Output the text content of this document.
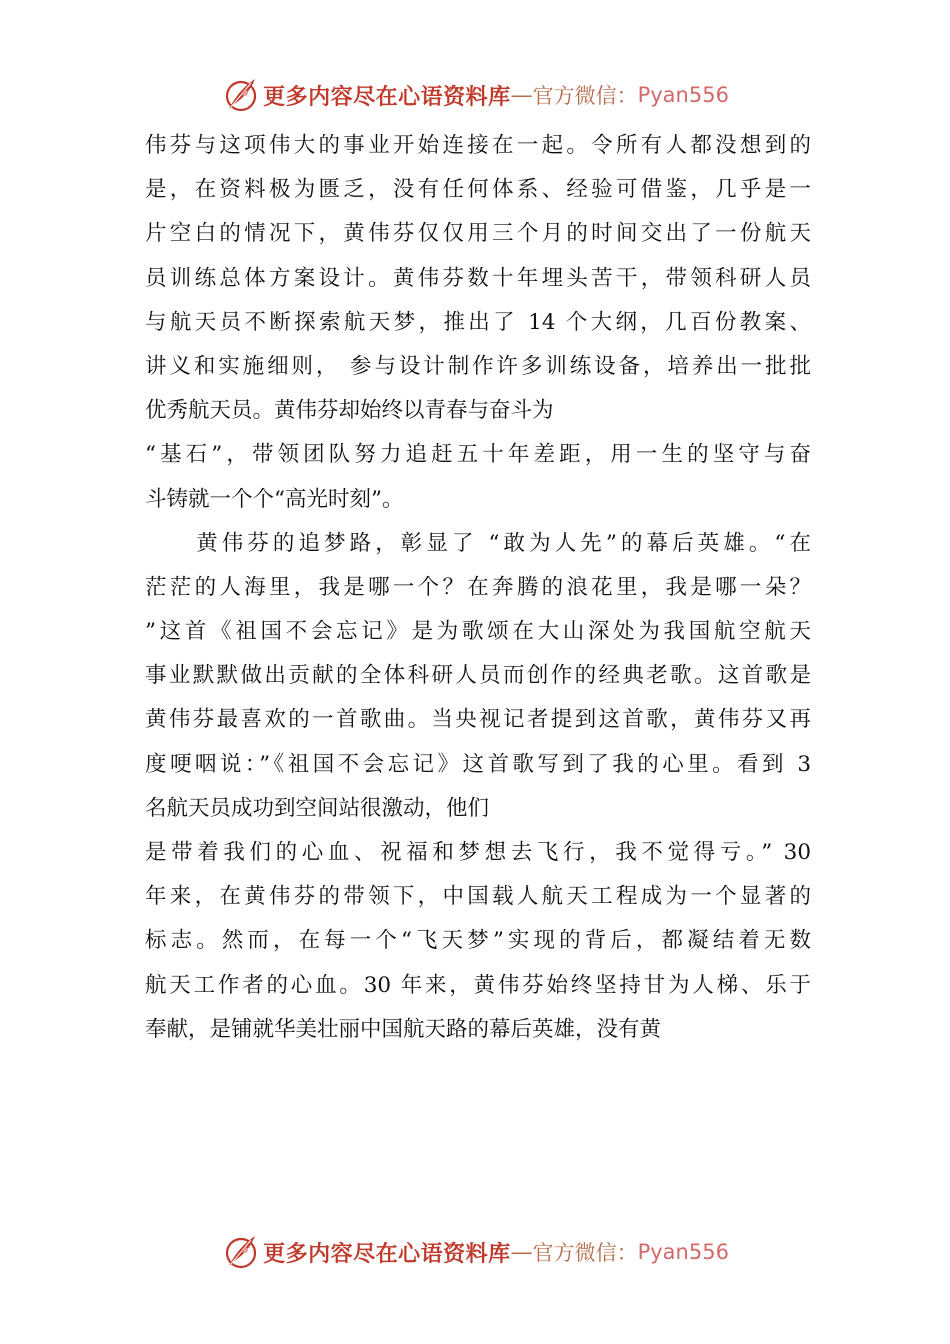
更多内容尽在心语资料库 — 官方微信： Pyan556
伟芬与这项伟大的事业开始连接在一起。令所有人都没想到的
是，在资料极为匮乏，没有任何体系、经验可借鉴，几乎是一
片空白的情况下，黄伟芬仅仅用三个月的时间交出了一份航天
员训练总体方案设计。黄伟芬数十年埋头苦干，带领科研人员
与航天员不断探索航天梦，推出了 14 个大纲，几百份教案、
讲义和实施细则， 参与设计制作许多训练设备，培养出一批批
优秀航天员。黄伟芬却始终以青春与奋斗为
“基石”，带领团队努力追赶五十年差距，用一生的坚守与奋
斗铸就一个个“高光时刻”。
　　黄伟芬的追梦路，彰显了 “敢为人先”的幕后英雄。“在
茫茫的人海里，我是哪一个？在奔腾的浪花里，我是哪一朵？
”这首《祖国不会忘记》是为歌颂在大山深处为我国航空航天
事业默默做出贡献的全体科研人员而创作的经典老歌。这首歌是
黄伟芬最喜欢的一首歌曲。当央视记者提到这首歌，黄伟芬又再
度哽咽说：”《祖国不会忘记》这首歌写到了我的心里。看到 3
名航天员成功到空间站很激动，他们
是带着我们的心血、祝福和梦想去飞行，我不觉得亏。” 30
年来，在黄伟芬的带领下，中国载人航天工程成为一个显著的
标志。然而，在每一个“飞天梦”实现的背后，都凝结着无数
航天工作者的心血。30 年来，黄伟芬始终坚持甘为人梯、乐于
奉献，是铺就华美壮丽中国航天路的幕后英雄，没有黄
更多内容尽在心语资料库 — 官方微信： Pyan556
